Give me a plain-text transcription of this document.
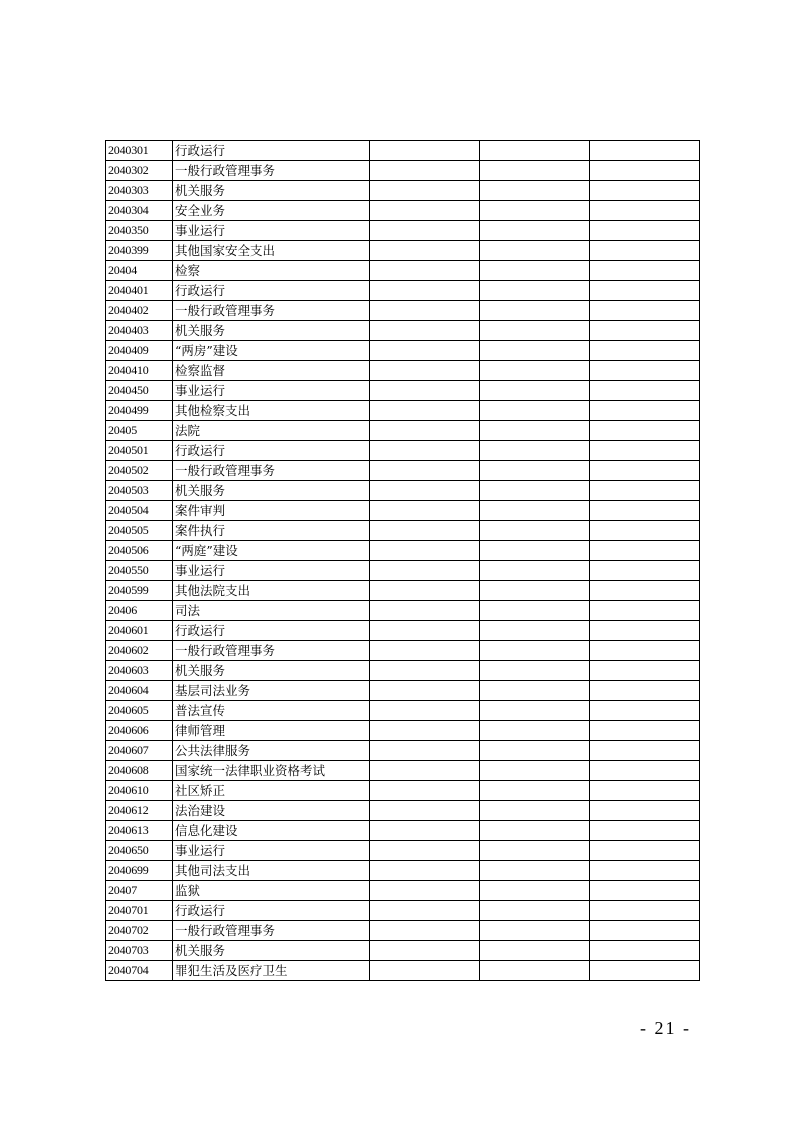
2040301	行政运行			
2040302	一般行政管理事务			
2040303	机关服务			
2040304	安全业务			
2040350	事业运行			
2040399	其他国家安全支出			
20404	检察			
2040401	行政运行			
2040402	一般行政管理事务			
2040403	机关服务			
2040409	“两房”建设			
2040410	检察监督			
2040450	事业运行			
2040499	其他检察支出			
20405	法院			
2040501	行政运行			
2040502	一般行政管理事务			
2040503	机关服务			
2040504	案件审判			
2040505	案件执行			
2040506	“两庭”建设			
2040550	事业运行			
2040599	其他法院支出			
20406	司法			
2040601	行政运行			
2040602	一般行政管理事务			
2040603	机关服务			
2040604	基层司法业务			
2040605	普法宣传			
2040606	律师管理			
2040607	公共法律服务			
2040608	国家统一法律职业资格考试			
2040610	社区矫正			
2040612	法治建设			
2040613	信息化建设			
2040650	事业运行			
2040699	其他司法支出			
20407	监狱			
2040701	行政运行			
2040702	一般行政管理事务			
2040703	机关服务			
2040704	罪犯生活及医疗卫生			
- 21 -
